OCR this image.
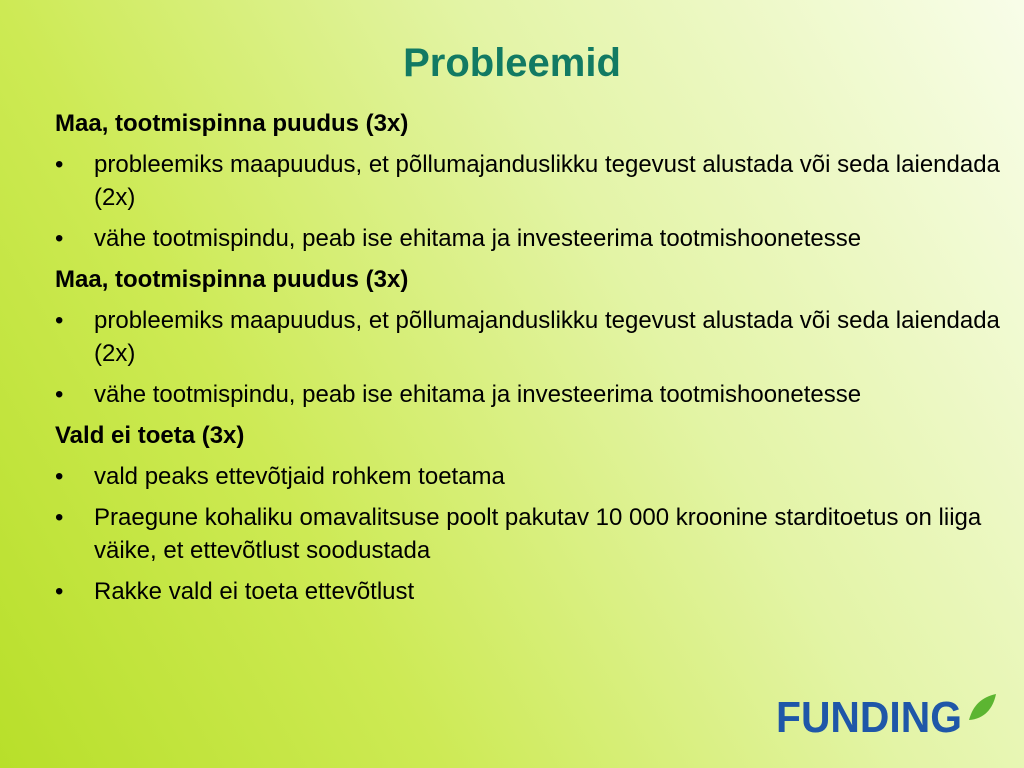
Probleemid
Maa, tootmispinna puudus (3x)
• probleemiks maapuudus, et põllumajanduslikku tegevust alustada või seda laiendada (2x)
• vähe tootmispindu, peab ise ehitama ja investeerima tootmishoonetesse
Maa, tootmispinna puudus (3x)
• probleemiks maapuudus, et põllumajanduslikku tegevust alustada või seda laiendada (2x)
• vähe tootmispindu, peab ise ehitama ja investeerima tootmishoonetesse
Vald ei toeta (3x)
• vald peaks ettevõtjaid rohkem toetama
• Praegune kohaliku omavalitsuse poolt pakutav 10 000 kroonine starditoetus on liiga väike, et ettevõtlust soodustada
• Rakke vald ei toeta ettevõtlust
FUNDING
